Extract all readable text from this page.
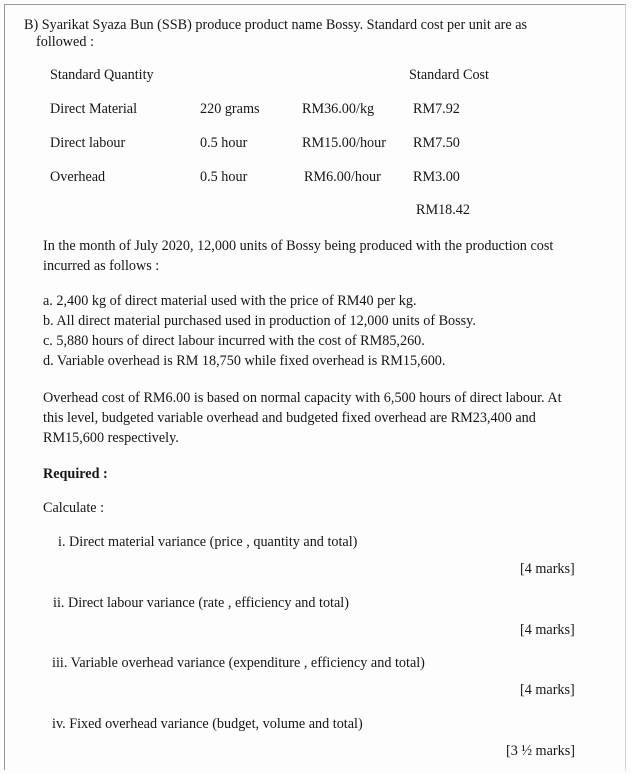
B) Syarikat Syaza Bun (SSB) produce product name Bossy. Standard cost per unit are as
followed :
Standard Quantity	Standard Cost
Direct Material	220 grams	RM36.00/kg	RM7.92
Direct labour	0.5 hour	RM15.00/hour RM7.50
Overhead	0.5 hour	RM6.00/hour RM3.00
RM18.42
In the month of July 2020, 12,000 units of Bossy being produced with the production cost
incurred as follows :
a. 2,400 kg of direct material used with the price of RM40 per kg.
b. All direct material purchased used in production of 12,000 units of Bossy.
c. 5,880 hours of direct labour incurred with the cost of RM85,260.
d. Variable overhead is RM 18,750 while fixed overhead is RM15,600.
Overhead cost of RM6.00 is based on normal capacity with 6,500 hours of direct labour. At
this level, budgeted variable overhead and budgeted fixed overhead are RM23,400 and
RM15,600 respectively.
Required :
Calculate :
i. Direct material variance (price , quantity and total)
[4 marks]
ii. Direct labour variance (rate , efficiency and total)
[4 marks]
iii. Variable overhead variance (expenditure , efficiency and total)
[4 marks]
iv. Fixed overhead variance (budget, volume and total)
[3 ½ marks]
